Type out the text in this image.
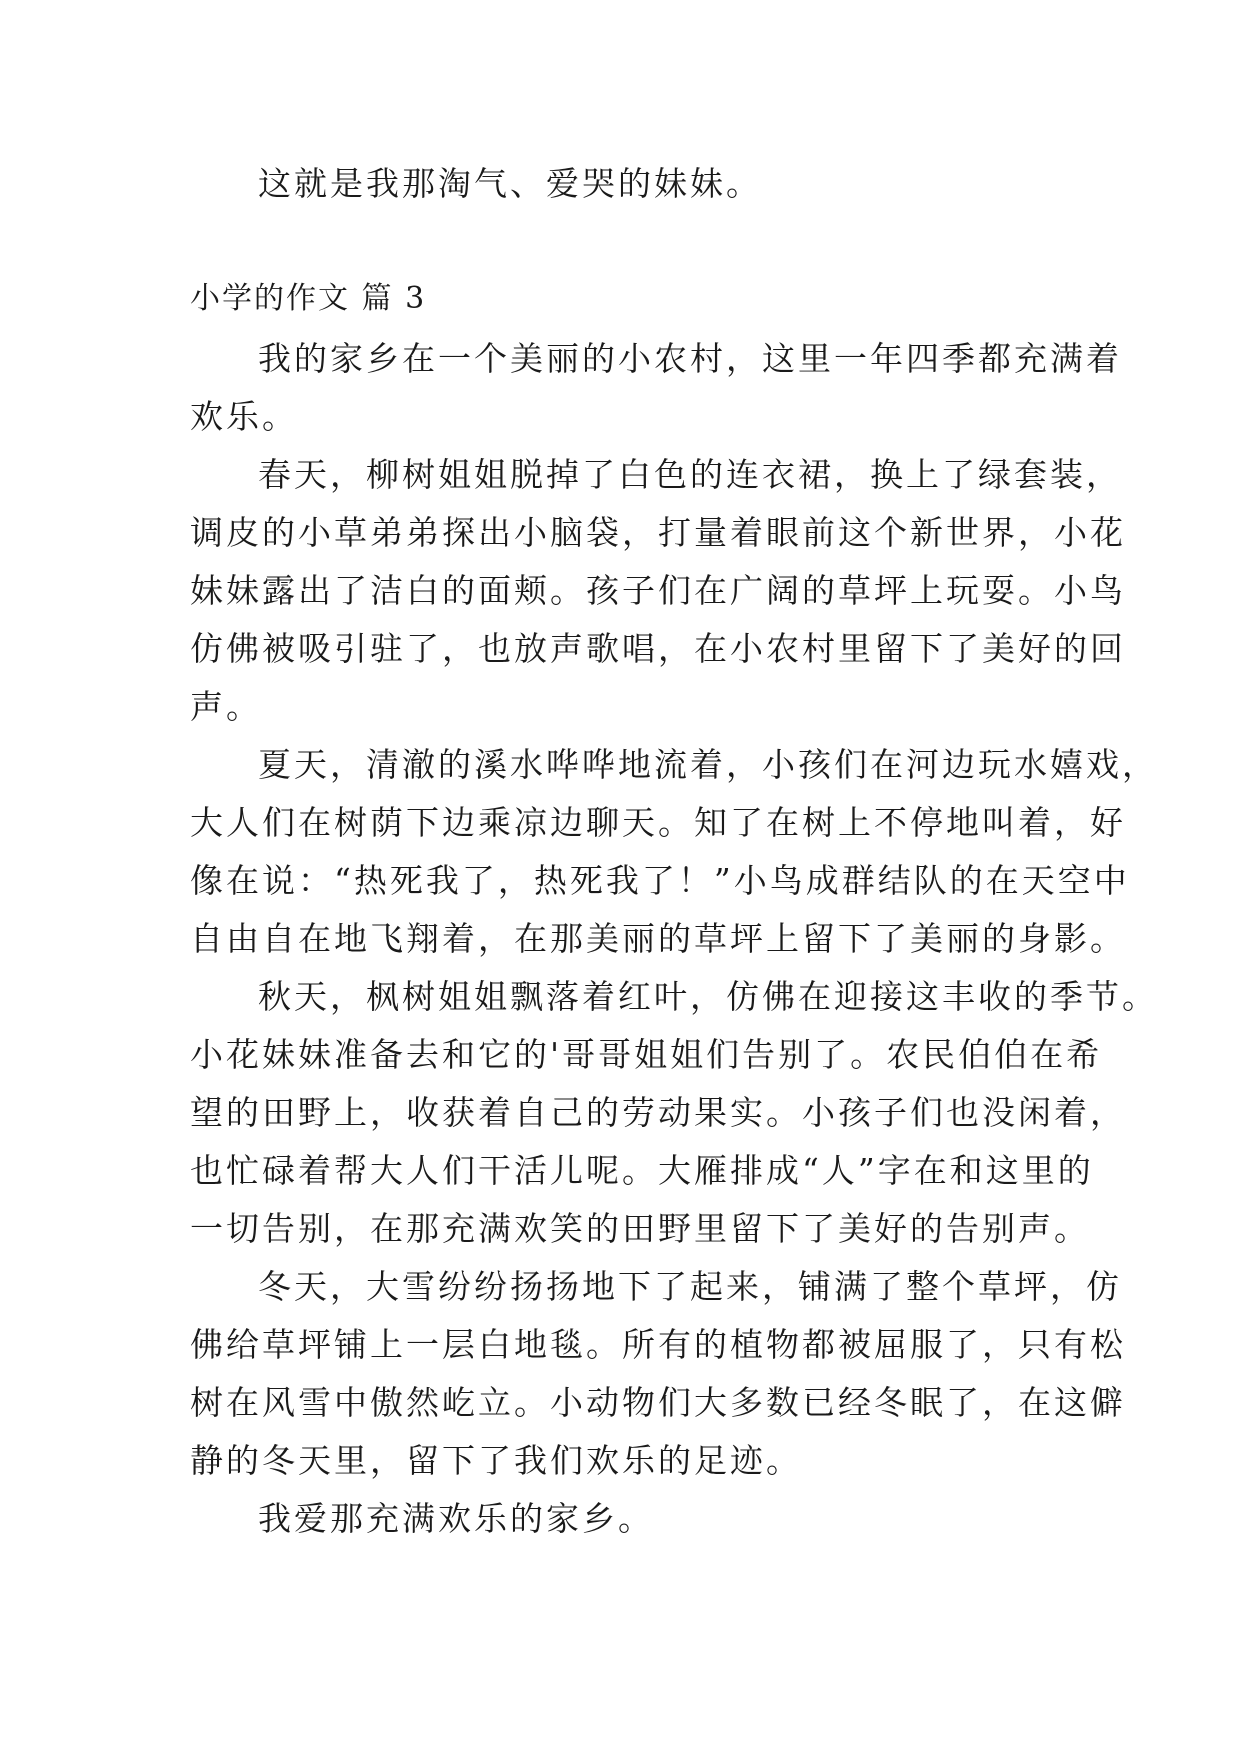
这就是我那淘气、爱哭的妹妹。
小学的作文 篇 3
我的家乡在一个美丽的小农村，这里一年四季都充满着
欢乐。
春天，柳树姐姐脱掉了白色的连衣裙，换上了绿套装，
调皮的小草弟弟探出小脑袋，打量着眼前这个新世界，小花
妹妹露出了洁白的面颊。孩子们在广阔的草坪上玩耍。小鸟
仿佛被吸引驻了，也放声歌唱，在小农村里留下了美好的回
声。
夏天，清澈的溪水哗哗地流着，小孩们在河边玩水嬉戏，
大人们在树荫下边乘凉边聊天。知了在树上不停地叫着，好
像在说：“热死我了，热死我了！”小鸟成群结队的在天空中
自由自在地飞翔着，在那美丽的草坪上留下了美丽的身影。
秋天，枫树姐姐飘落着红叶，仿佛在迎接这丰收的季节。
小花妹妹准备去和它的'哥哥姐姐们告别了。农民伯伯在希
望的田野上，收获着自己的劳动果实。小孩子们也没闲着，
也忙碌着帮大人们干活儿呢。大雁排成“人”字在和这里的
一切告别，在那充满欢笑的田野里留下了美好的告别声。
冬天，大雪纷纷扬扬地下了起来，铺满了整个草坪，仿
佛给草坪铺上一层白地毯。所有的植物都被屈服了，只有松
树在风雪中傲然屹立。小动物们大多数已经冬眠了，在这僻
静的冬天里，留下了我们欢乐的足迹。
我爱那充满欢乐的家乡。
